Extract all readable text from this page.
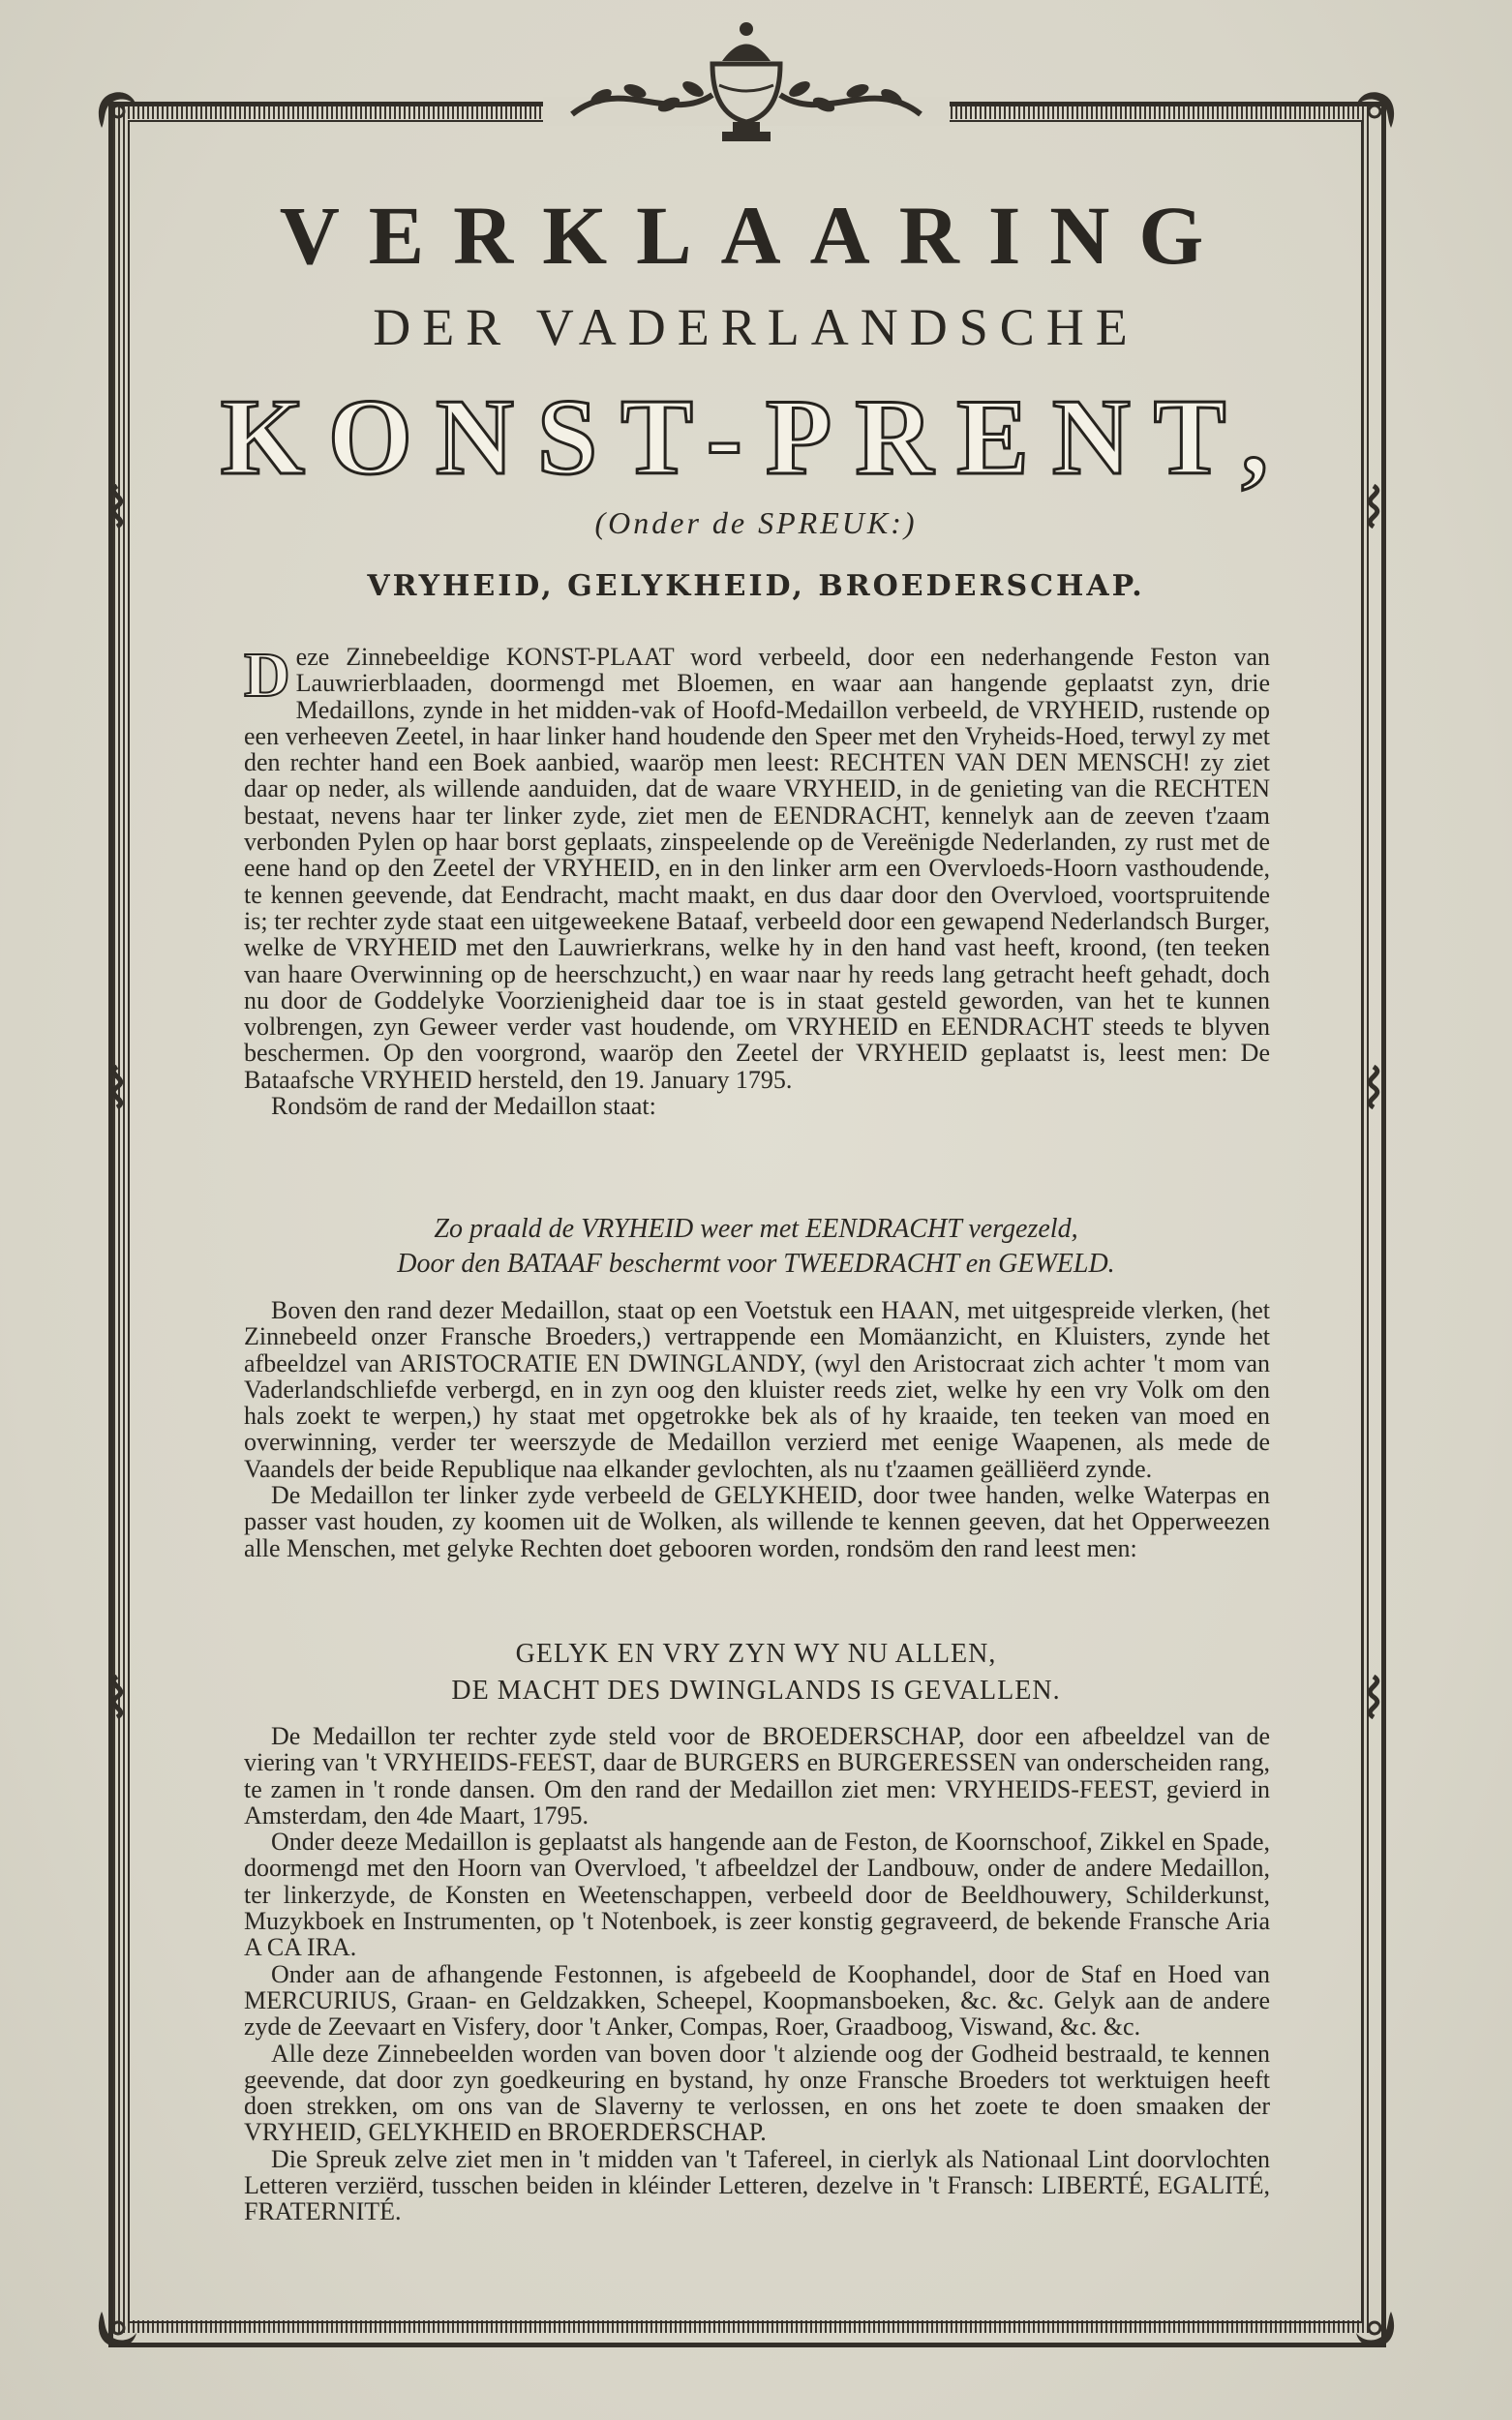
VERKLAARING
DER VADERLANDSCHE
KONST-PRENT,
(Onder de SPREUK:)
VRYHEID, GELYKHEID, BROEDERSCHAP.

Deze Zinnebeeldige KONST-PLAAT word verbeeld, door een nederhangende Feston van Lauwrierblaaden, doormengd met Bloemen, en waar aan hangende geplaatst zyn, drie Medaillons, zynde in het midden-vak of Hoofd-Medaillon verbeeld, de VRYHEID, rustende op een verheeven Zeetel, in haar linker hand houdende den Speer met den Vryheids-Hoed, terwyl zy met den rechter hand een Boek aanbied, waaröp men leest: RECHTEN VAN DEN MENSCH! zy ziet daar op neder, als willende aanduiden, dat de waare VRYHEID, in de genieting van die RECHTEN bestaat, nevens haar ter linker zyde, ziet men de EENDRACHT, kennelyk aan de zeeven t'zaam verbonden Pylen op haar borst geplaats, zinspeelende op de Vereënigde Nederlanden, zy rust met de eene hand op den Zeetel der VRYHEID, en in den linker arm een Overvloeds-Hoorn vasthoudende, te kennen geevende, dat Eendracht, macht maakt, en dus daar door den Overvloed, voortspruitende is; ter rechter zyde staat een uitgeweekene Bataaf, verbeeld door een gewapend Nederlandsch Burger, welke de VRYHEID met den Lauwrierkrans, welke hy in den hand vast heeft, kroond, (ten teeken van haare Overwinning op de heerschzucht,) en waar naar hy reeds lang getracht heeft gehadt, doch nu door de Goddelyke Voorzienigheid daar toe is in staat gesteld geworden, van het te kunnen volbrengen, zyn Geweer verder vast houdende, om VRYHEID en EENDRACHT steeds te blyven beschermen. Op den voorgrond, waaröp den Zeetel der VRYHEID geplaatst is, leest men: De Bataafsche VRYHEID hersteld, den 19. January 1795.

Rondsöm de rand der Medaillon staat:

Zo praald de VRYHEID weer met EENDRACHT vergezeld,
Door den BATAAF beschermt voor TWEEDRACHT en GEWELD.

Boven den rand dezer Medaillon, staat op een Voetstuk een HAAN, met uitgespreide vlerken, (het Zinnebeeld onzer Fransche Broeders,) vertrappende een Momäanzicht, en Kluisters, zynde het afbeeldzel van ARISTOCRATIE EN DWINGLANDY, (wyl den Aristocraat zich achter 't mom van Vaderlandschliefde verbergd, en in zyn oog den kluister reeds ziet, welke hy een vry Volk om den hals zoekt te werpen,) hy staat met opgetrokke bek als of hy kraaide, ten teeken van moed en overwinning, verder ter weerszyde de Medaillon verzierd met eenige Waapenen, als mede de Vaandels der beide Republique naa elkander gevlochten, als nu t'zaamen geälliëerd zynde.

De Medaillon ter linker zyde verbeeld de GELYKHEID, door twee handen, welke Waterpas en passer vast houden, zy koomen uit de Wolken, als willende te kennen geeven, dat het Opperweezen alle Menschen, met gelyke Rechten doet gebooren worden, rondsöm den rand leest men:

GELYK EN VRY ZYN WY NU ALLEN,
DE MACHT DES DWINGLANDS IS GEVALLEN.

De Medaillon ter rechter zyde steld voor de BROEDERSCHAP, door een afbeeldzel van de viering van 't VRYHEIDS-FEEST, daar de BURGERS en BURGERESSEN van onderscheiden rang, te zamen in 't ronde dansen. Om den rand der Medaillon ziet men: VRYHEIDS-FEEST, gevierd in Amsterdam, den 4de Maart, 1795.

Onder deeze Medaillon is geplaatst als hangende aan de Feston, de Koornschoof, Zikkel en Spade, doormengd met den Hoorn van Overvloed, 't afbeeldzel der Landbouw, onder de andere Medaillon, ter linkerzyde, de Konsten en Weetenschappen, verbeeld door de Beeldhouwery, Schilderkunst, Muzykboek en Instrumenten, op 't Notenboek, is zeer konstig gegraveerd, de bekende Fransche Aria A CA IRA.

Onder aan de afhangende Festonnen, is afgebeeld de Koophandel, door de Staf en Hoed van MERCURIUS, Graan- en Geldzakken, Scheepel, Koopmansboeken, &c. &c. Gelyk aan de andere zyde de Zeevaart en Visfery, door 't Anker, Compas, Roer, Graadboog, Viswand, &c. &c.

Alle deze Zinnebeelden worden van boven door 't alziende oog der Godheid bestraald, te kennen geevende, dat door zyn goedkeuring en bystand, hy onze Fransche Broeders tot werktuigen heeft doen strekken, om ons van de Slaverny te verlossen, en ons het zoete te doen smaaken der VRYHEID, GELYKHEID en BROERDERSCHAP.

Die Spreuk zelve ziet men in 't midden van 't Tafereel, in cierlyk als Nationaal Lint doorvlochten Letteren verziërd, tusschen beiden in kléinder Letteren, dezelve in 't Fransch: LIBERTÉ, EGALITÉ, FRATERNITÉ.
